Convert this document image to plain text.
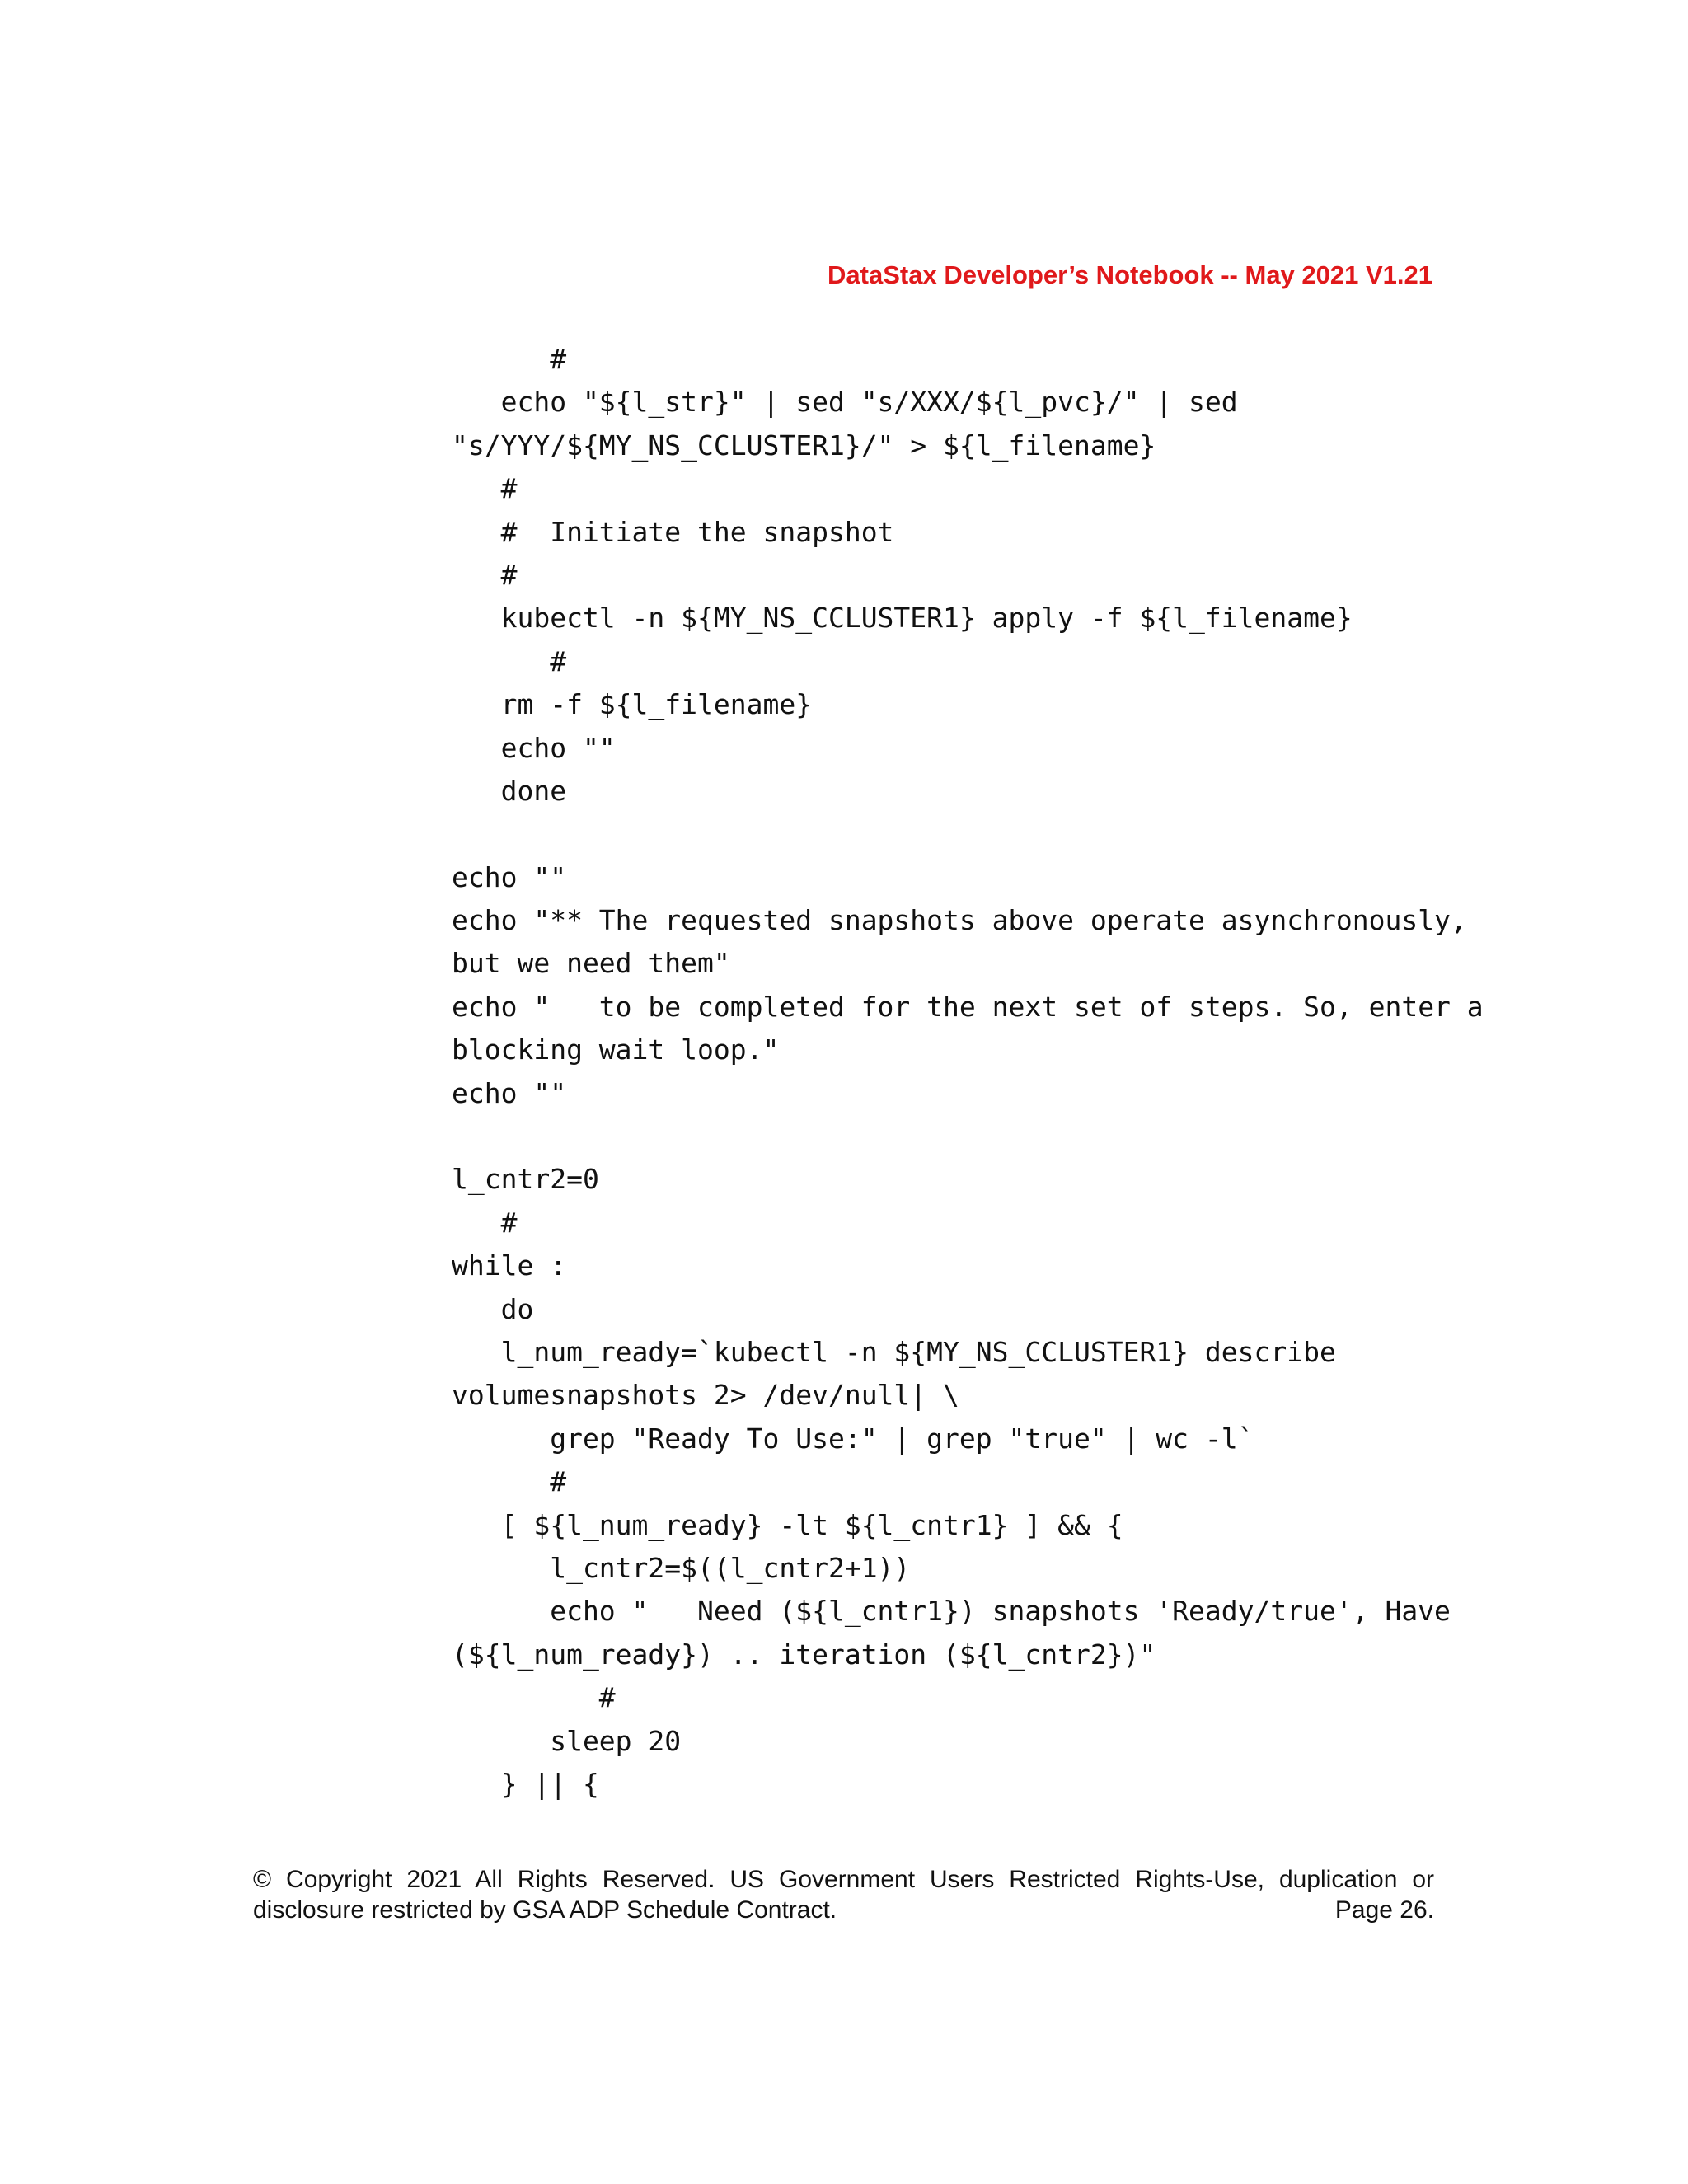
DataStax Developer’s Notebook -- May 2021 V1.21
#
echo "${l_str}" | sed "s/XXX/${l_pvc}/" | sed
"s/YYY/${MY_NS_CCLUSTER1}/" > ${l_filename}
#
#  Initiate the snapshot
#
kubectl -n ${MY_NS_CCLUSTER1} apply -f ${l_filename}
#
rm -f ${l_filename}
echo ""
done
echo ""
echo "** The requested snapshots above operate asynchronously,
but we need them"
echo "   to be completed for the next set of steps. So, enter a
blocking wait loop."
echo ""
l_cntr2=0
#
while :
do
l_num_ready=`kubectl -n ${MY_NS_CCLUSTER1} describe
volumesnapshots 2> /dev/null| \
grep "Ready To Use:" | grep "true" | wc -l`
#
[ ${l_num_ready} -lt ${l_cntr1} ] && {
l_cntr2=$((l_cntr2+1))
echo "   Need (${l_cntr1}) snapshots 'Ready/true', Have
(${l_num_ready}) .. iteration (${l_cntr2})"
#
sleep 20
} || {
© Copyright 2021 All Rights Reserved. US Government Users Restricted Rights-Use, duplication or
disclosure restricted by GSA ADP Schedule Contract.	Page 26.
